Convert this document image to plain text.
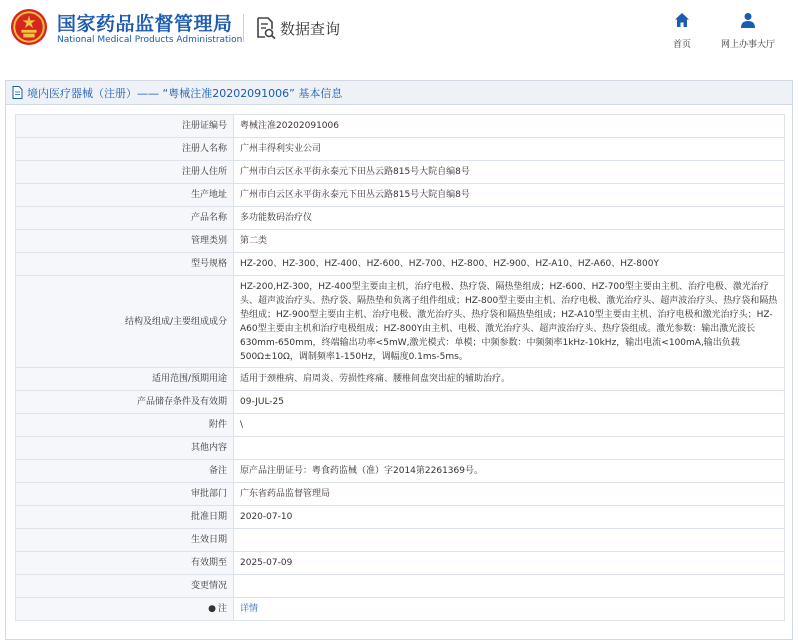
国家药品监督管理局
National Medical Products Administration
数据查询
首页	网上办事大厅
境内医疗器械（注册）—— “粤械注准20202091006” 基本信息
注册证编号	粤械注准20202091006
注册人名称	广州丰得利实业公司
注册人住所	广州市白云区永平街永泰元下田丛云路815号大院自编8号
生产地址	广州市白云区永平街永泰元下田丛云路815号大院自编8号
产品名称	多功能数码治疗仪
管理类别	第二类
型号规格	HZ-200、HZ-300、HZ-400、HZ-600、HZ-700、HZ-800、HZ-900、HZ-A10、HZ-A60、HZ-800Y
结构及组成/主要组成成分	HZ-200,HZ-300，HZ-400型主要由主机，治疗电极、热疗袋、隔热垫组成；HZ-600、HZ-700型主要由主机、治疗电极、激光治疗头、超声波治疗头、热疗袋、隔热垫和负离子组件组成；HZ-800型主要由主机、治疗电极、激光治疗头、超声波治疗头、热疗袋和隔热垫组成；HZ-900型主要由主机、治疗电极、激光治疗头、热疗袋和隔热垫组成；HZ-A10型主要由主机、治疗电极和激光治疗头；HZ-A60型主要由主机和治疗电极组成；HZ-800Y由主机、电极、激光治疗头、超声波治疗头、热疗袋组成。激光参数：输出激光波长630mm-650mm，终端输出功率<5mW,激光模式：单模；中频参数：中频频率1kHz-10kHz，输出电流<100mA,输出负载500Ω±10Ω，调制频率1-150Hz，调幅度0.1ms-5ms。
适用范围/预期用途	适用于颈椎病、肩周炎、劳损性疼痛、腰椎间盘突出症的辅助治疗。
产品储存条件及有效期	09-JUL-25
附件	\
其他内容	
备注	原产品注册证号：粤食药监械（准）字2014第2261369号。
审批部门	广东省药品监督管理局
批准日期	2020-07-10
生效日期	
有效期至	2025-07-09
变更情况	
● 注	详情
